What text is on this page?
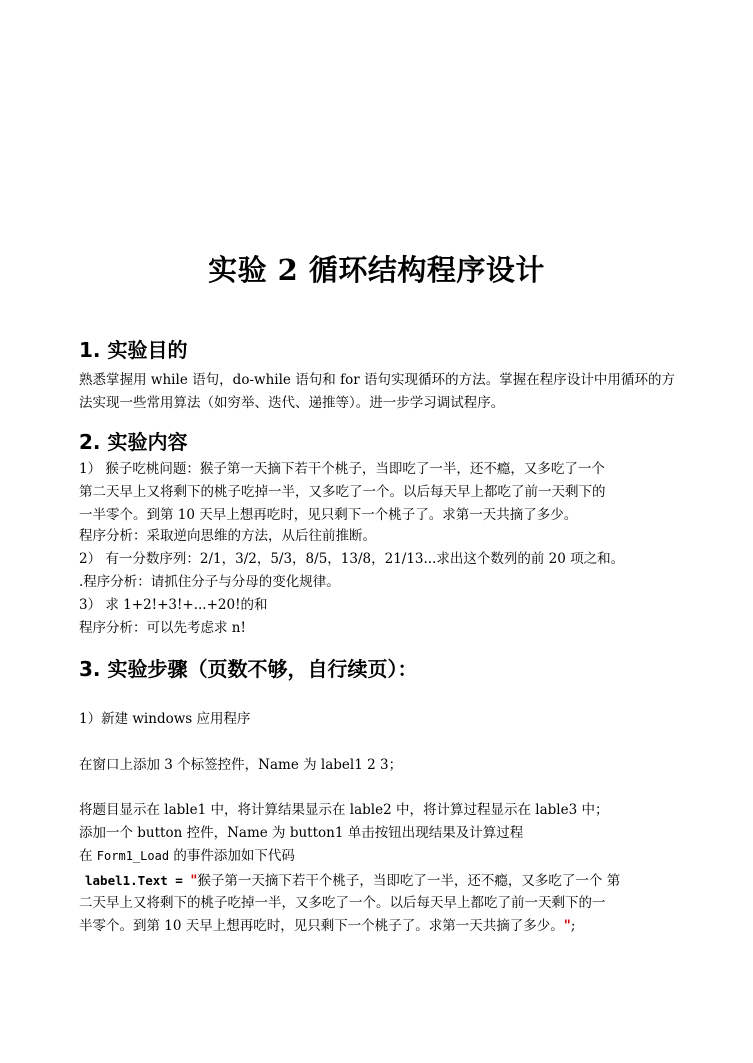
实验 2 循环结构程序设计
1. 实验目的
熟悉掌握用 while 语句，do-while 语句和 for 语句实现循环的方法。掌握在程序设计中用循环的方法实现一些常用算法（如穷举、迭代、递推等）。进一步学习调试程序。
2. 实验内容
1） 猴子吃桃问题：猴子第一天摘下若干个桃子，当即吃了一半，还不瘾，又多吃了一个
第二天早上又将剩下的桃子吃掉一半，又多吃了一个。以后每天早上都吃了前一天剩下的
一半零个。到第 10 天早上想再吃时，见只剩下一个桃子了。求第一天共摘了多少。
程序分析：采取逆向思维的方法，从后往前推断。
2） 有一分数序列：2/1，3/2，5/3，8/5，13/8，21/13...求出这个数列的前 20 项之和。
.程序分析：请抓住分子与分母的变化规律。
3） 求 1+2!+3!+...+20!的和
程序分析：可以先考虑求 n!
3. 实验步骤（页数不够，自行续页）：
1）新建 windows 应用程序
在窗口上添加 3 个标签控件，Name 为 label1 2 3；
将题目显示在 lable1 中，将计算结果显示在 lable2 中，将计算过程显示在 lable3 中；
添加一个 button 控件，Name 为 button1 单击按钮出现结果及计算过程
在 Form1_Load 的事件添加如下代码
label1.Text = "猴子第一天摘下若干个桃子，当即吃了一半，还不瘾，又多吃了一个 第
二天早上又将剩下的桃子吃掉一半，又多吃了一个。以后每天早上都吃了前一天剩下的一
半零个。到第 10 天早上想再吃时，见只剩下一个桃子了。求第一天共摘了多少。";
